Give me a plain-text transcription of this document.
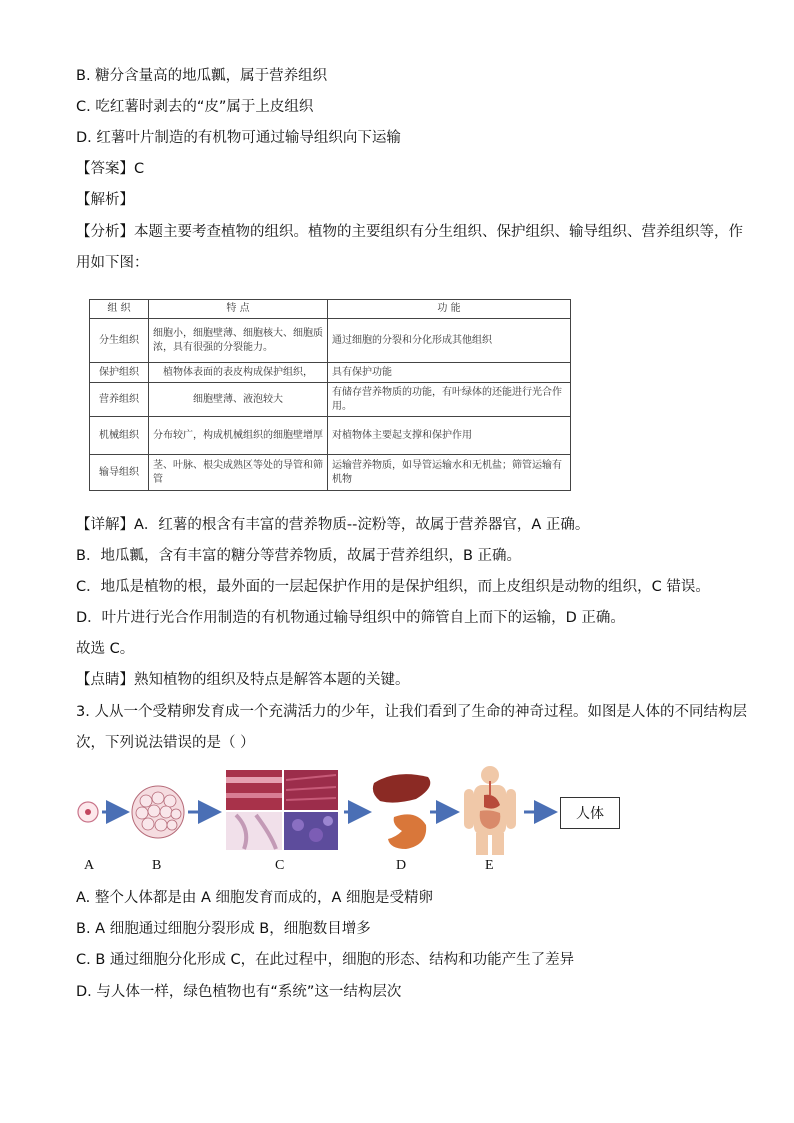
B. 糖分含量高的地瓜瓤，属于营养组织
C. 吃红薯时剥去的“皮”属于上皮组织
D. 红薯叶片制造的有机物可通过输导组织向下运输
【答案】C
【解析】
【分析】本题主要考查植物的组织。植物的主要组织有分生组织、保护组织、输导组织、营养组织等，作
用如下图：
组 织	特 点	功 能
分生组织	细胞小，细胞壁薄、细胞核大、细胞质浓，具有很强的分裂能力。	通过细胞的分裂和分化形成其他组织
保护组织	植物体表面的表皮构成保护组织，	具有保护功能
营养组织	细胞壁薄、液泡较大	有储存营养物质的功能，有叶绿体的还能进行光合作用。
机械组织	分布较广，构成机械组织的细胞壁增厚	对植物体主要起支撑和保护作用
输导组织	茎、叶脉、根尖成熟区等处的导管和筛管	运输营养物质，如导管运输水和无机盐；筛管运输有机物
【详解】A．红薯的根含有丰富的营养物质--淀粉等，故属于营养器官，A 正确。
B．地瓜瓤，含有丰富的糖分等营养物质，故属于营养组织，B 正确。
C．地瓜是植物的根，最外面的一层起保护作用的是保护组织，而上皮组织是动物的组织，C 错误。
D．叶片进行光合作用制造的有机物通过输导组织中的筛管自上而下的运输，D 正确。
故选 C。
【点睛】熟知植物的组织及特点是解答本题的关键。
3. 人从一个受精卵发育成一个充满活力的少年，让我们看到了生命的神奇过程。如图是人体的不同结构层
次，下列说法错误的是（ ）
人体
A	B	C	D	E
A. 整个人体都是由 A 细胞发育而成的，A 细胞是受精卵
B. A 细胞通过细胞分裂形成 B，细胞数目增多
C. B 通过细胞分化形成 C，在此过程中，细胞的形态、结构和功能产生了差异
D. 与人体一样，绿色植物也有“系统”这一结构层次
